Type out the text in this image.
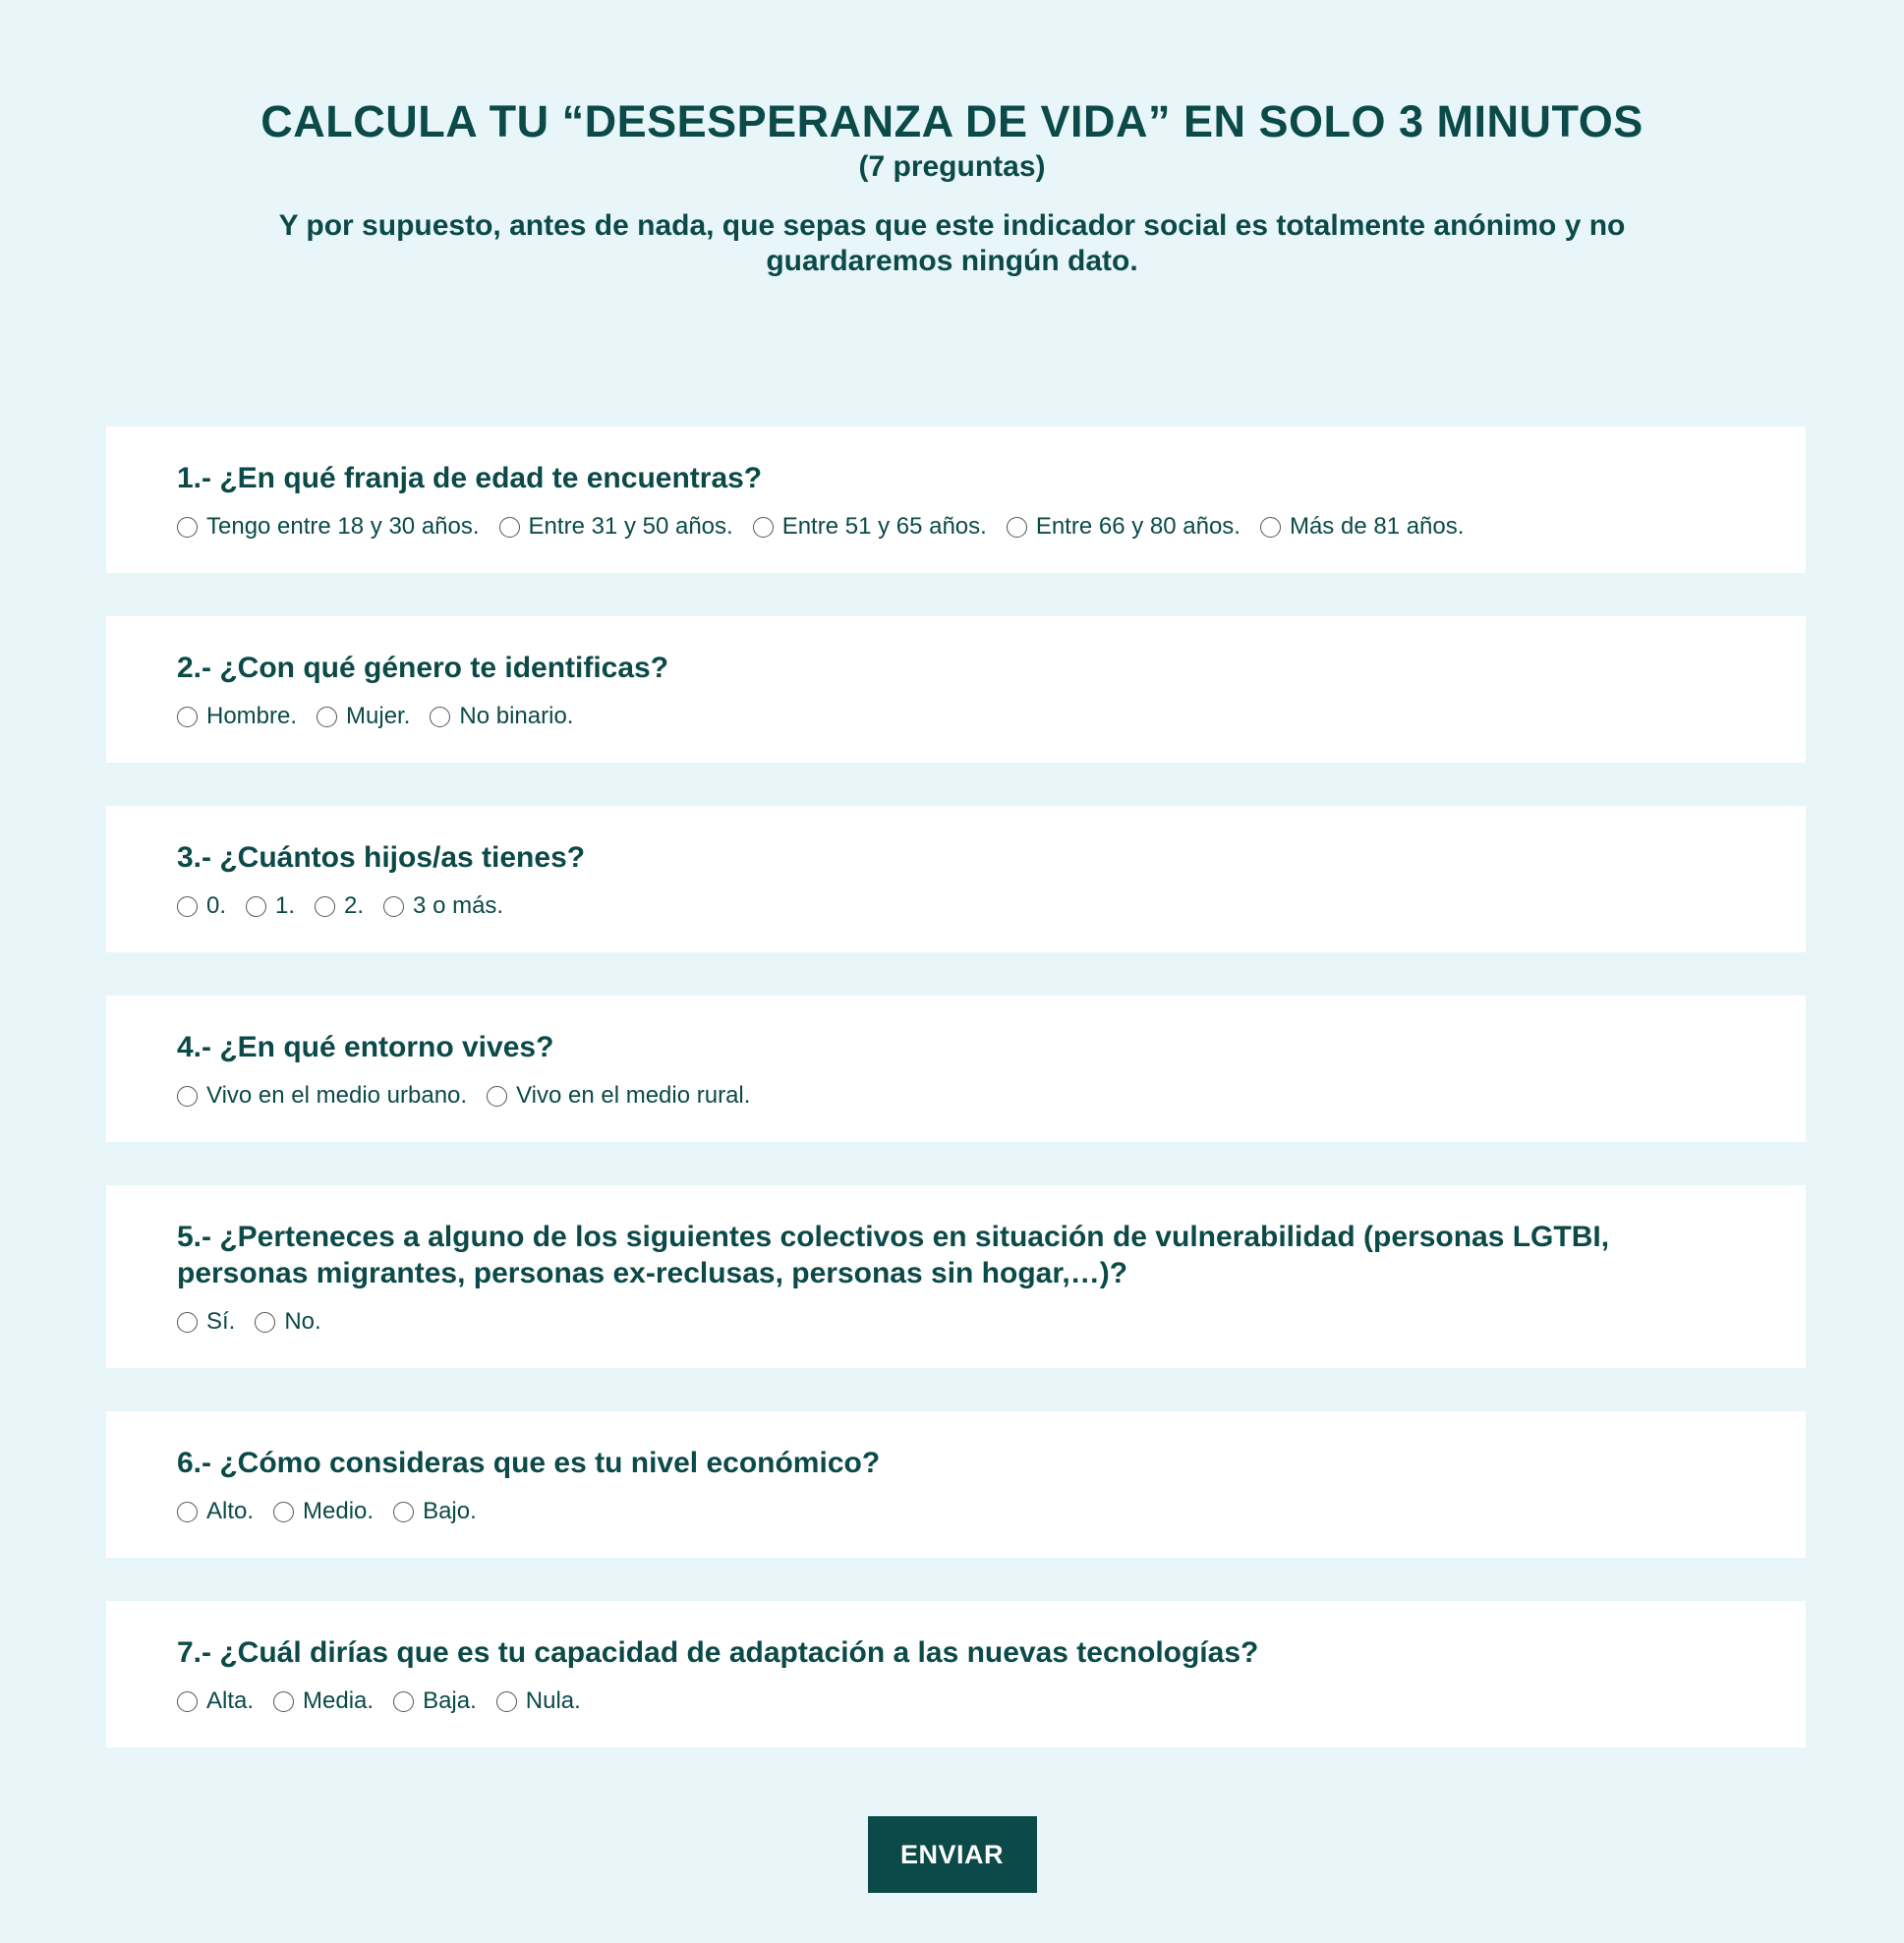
CALCULA TU “DESESPERANZA DE VIDA” EN SOLO 3 MINUTOS

(7 preguntas)

Y por supuesto, antes de nada, que sepas que este indicador social es totalmente anónimo y no guardaremos ningún dato.

1.- ¿En qué franja de edad te encuentras?
Tengo entre 18 y 30 años. Entre 31 y 50 años. Entre 51 y 65 años. Entre 66 y 80 años. Más de 81 años.
2.- ¿Con qué género te identificas?
Hombre. Mujer. No binario.
3.- ¿Cuántos hijos/as tienes?
0. 1. 2. 3 o más.
4.- ¿En qué entorno vives?
Vivo en el medio urbano. Vivo en el medio rural.
5.- ¿Perteneces a alguno de los siguientes colectivos en situación de vulnerabilidad (personas LGTBI, personas migrantes, personas ex-reclusas, personas sin hogar,…)?
Sí. No.
6.- ¿Cómo consideras que es tu nivel económico?
Alto. Medio. Bajo.
7.- ¿Cuál dirías que es tu capacidad de adaptación a las nuevas tecnologías?
Alta. Media. Baja. Nula.
ENVIAR
